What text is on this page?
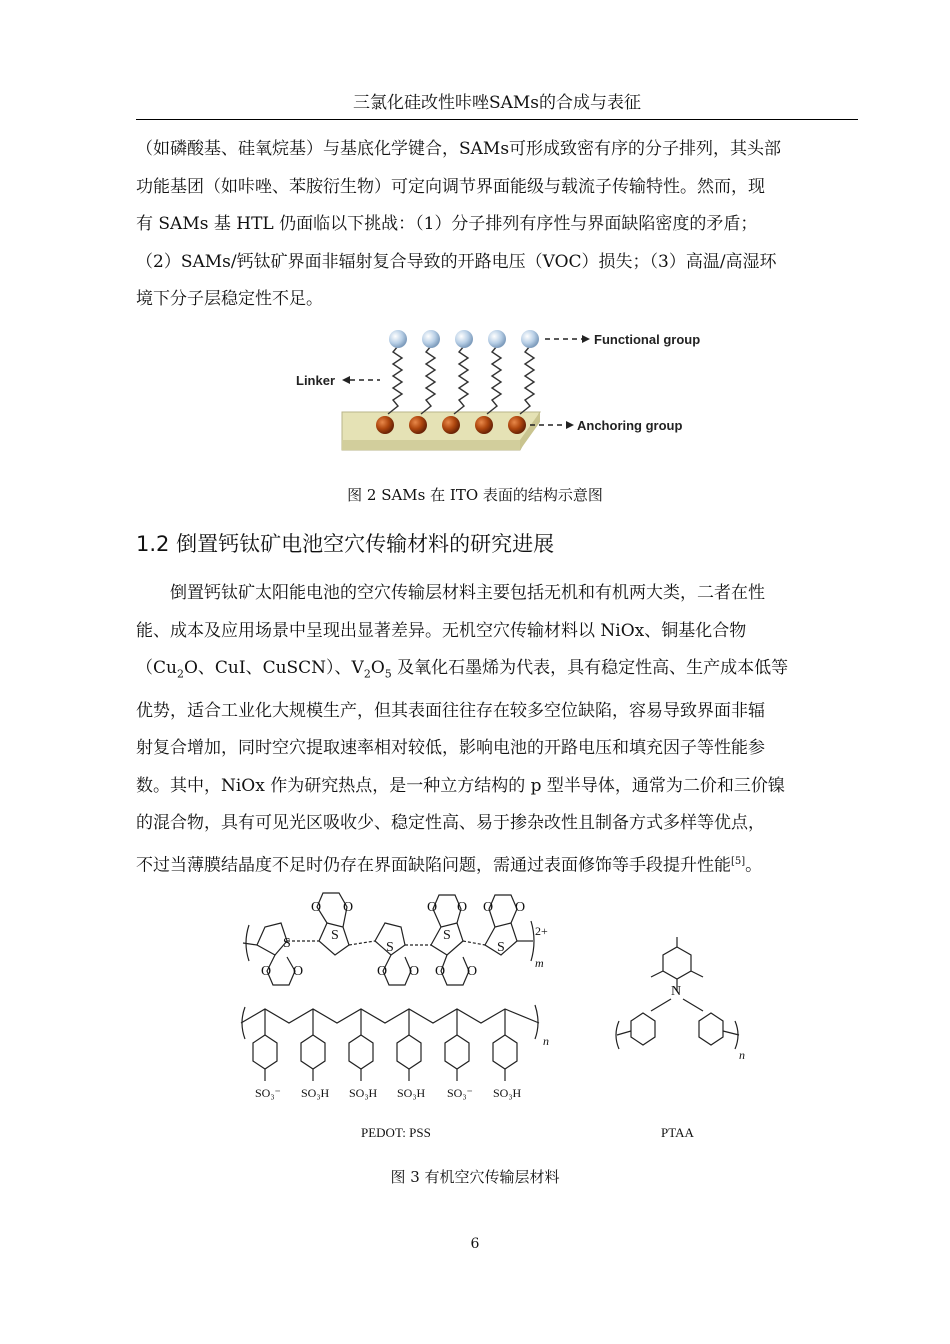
三氯化硅改性咔唑SAMs的合成与表征

（如磷酸基、硅氧烷基）与基底化学键合，SAMs可形成致密有序的分子排列，其头部

功能基团（如咔唑、苯胺衍生物）可定向调节界面能级与载流子传输特性。然而，现

有 SAMs 基 HTL 仍面临以下挑战：（1）分子排列有序性与界面缺陷密度的矛盾；

（2）SAMs/钙钛矿界面非辐射复合导致的开路电压（VOC）损失；（3）高温/高湿环

境下分子层稳定性不足。

Functional group
Linker
Anchoring group
图 2 SAMs 在 ITO 表面的结构示意图
1.2 倒置钙钛矿电池空穴传输材料的研究进展

倒置钙钛矿太阳能电池的空穴传输层材料主要包括无机和有机两大类，二者在性

能、成本及应用场景中呈现出显著差异。无机空穴传输材料以 NiOx、铜基化合物

（$Cu_2O$、CuI、CuSCN）、$V_2O_5$ 及氧化石墨烯为代表，具有稳定性高、生产成本低等

优势，适合工业化大规模生产，但其表面往往存在较多空位缺陷，容易导致界面非辐

射复合增加，同时空穴提取速率相对较低，影响电池的开路电压和填充因子等性能参

数。其中，NiOx 作为研究热点，是一种立方结构的 p 型半导体，通常为二价和三价镍

的混合物，具有可见光区吸收少、稳定性高、易于掺杂改性且制备方式多样等优点，

不过当薄膜结晶度不足时仍存在界面缺陷问题，需通过表面修饰等手段提升性能[5]。

S
S
S
S
S
O O	O O O O
O O	O O O O
2+
m
n
N
n
SO₃⁻ SO₃H SO₃H SO₃H SO₃⁻ SO₃H
PEDOT: PSS	PTAA
图 3 有机空穴传输层材料
6
